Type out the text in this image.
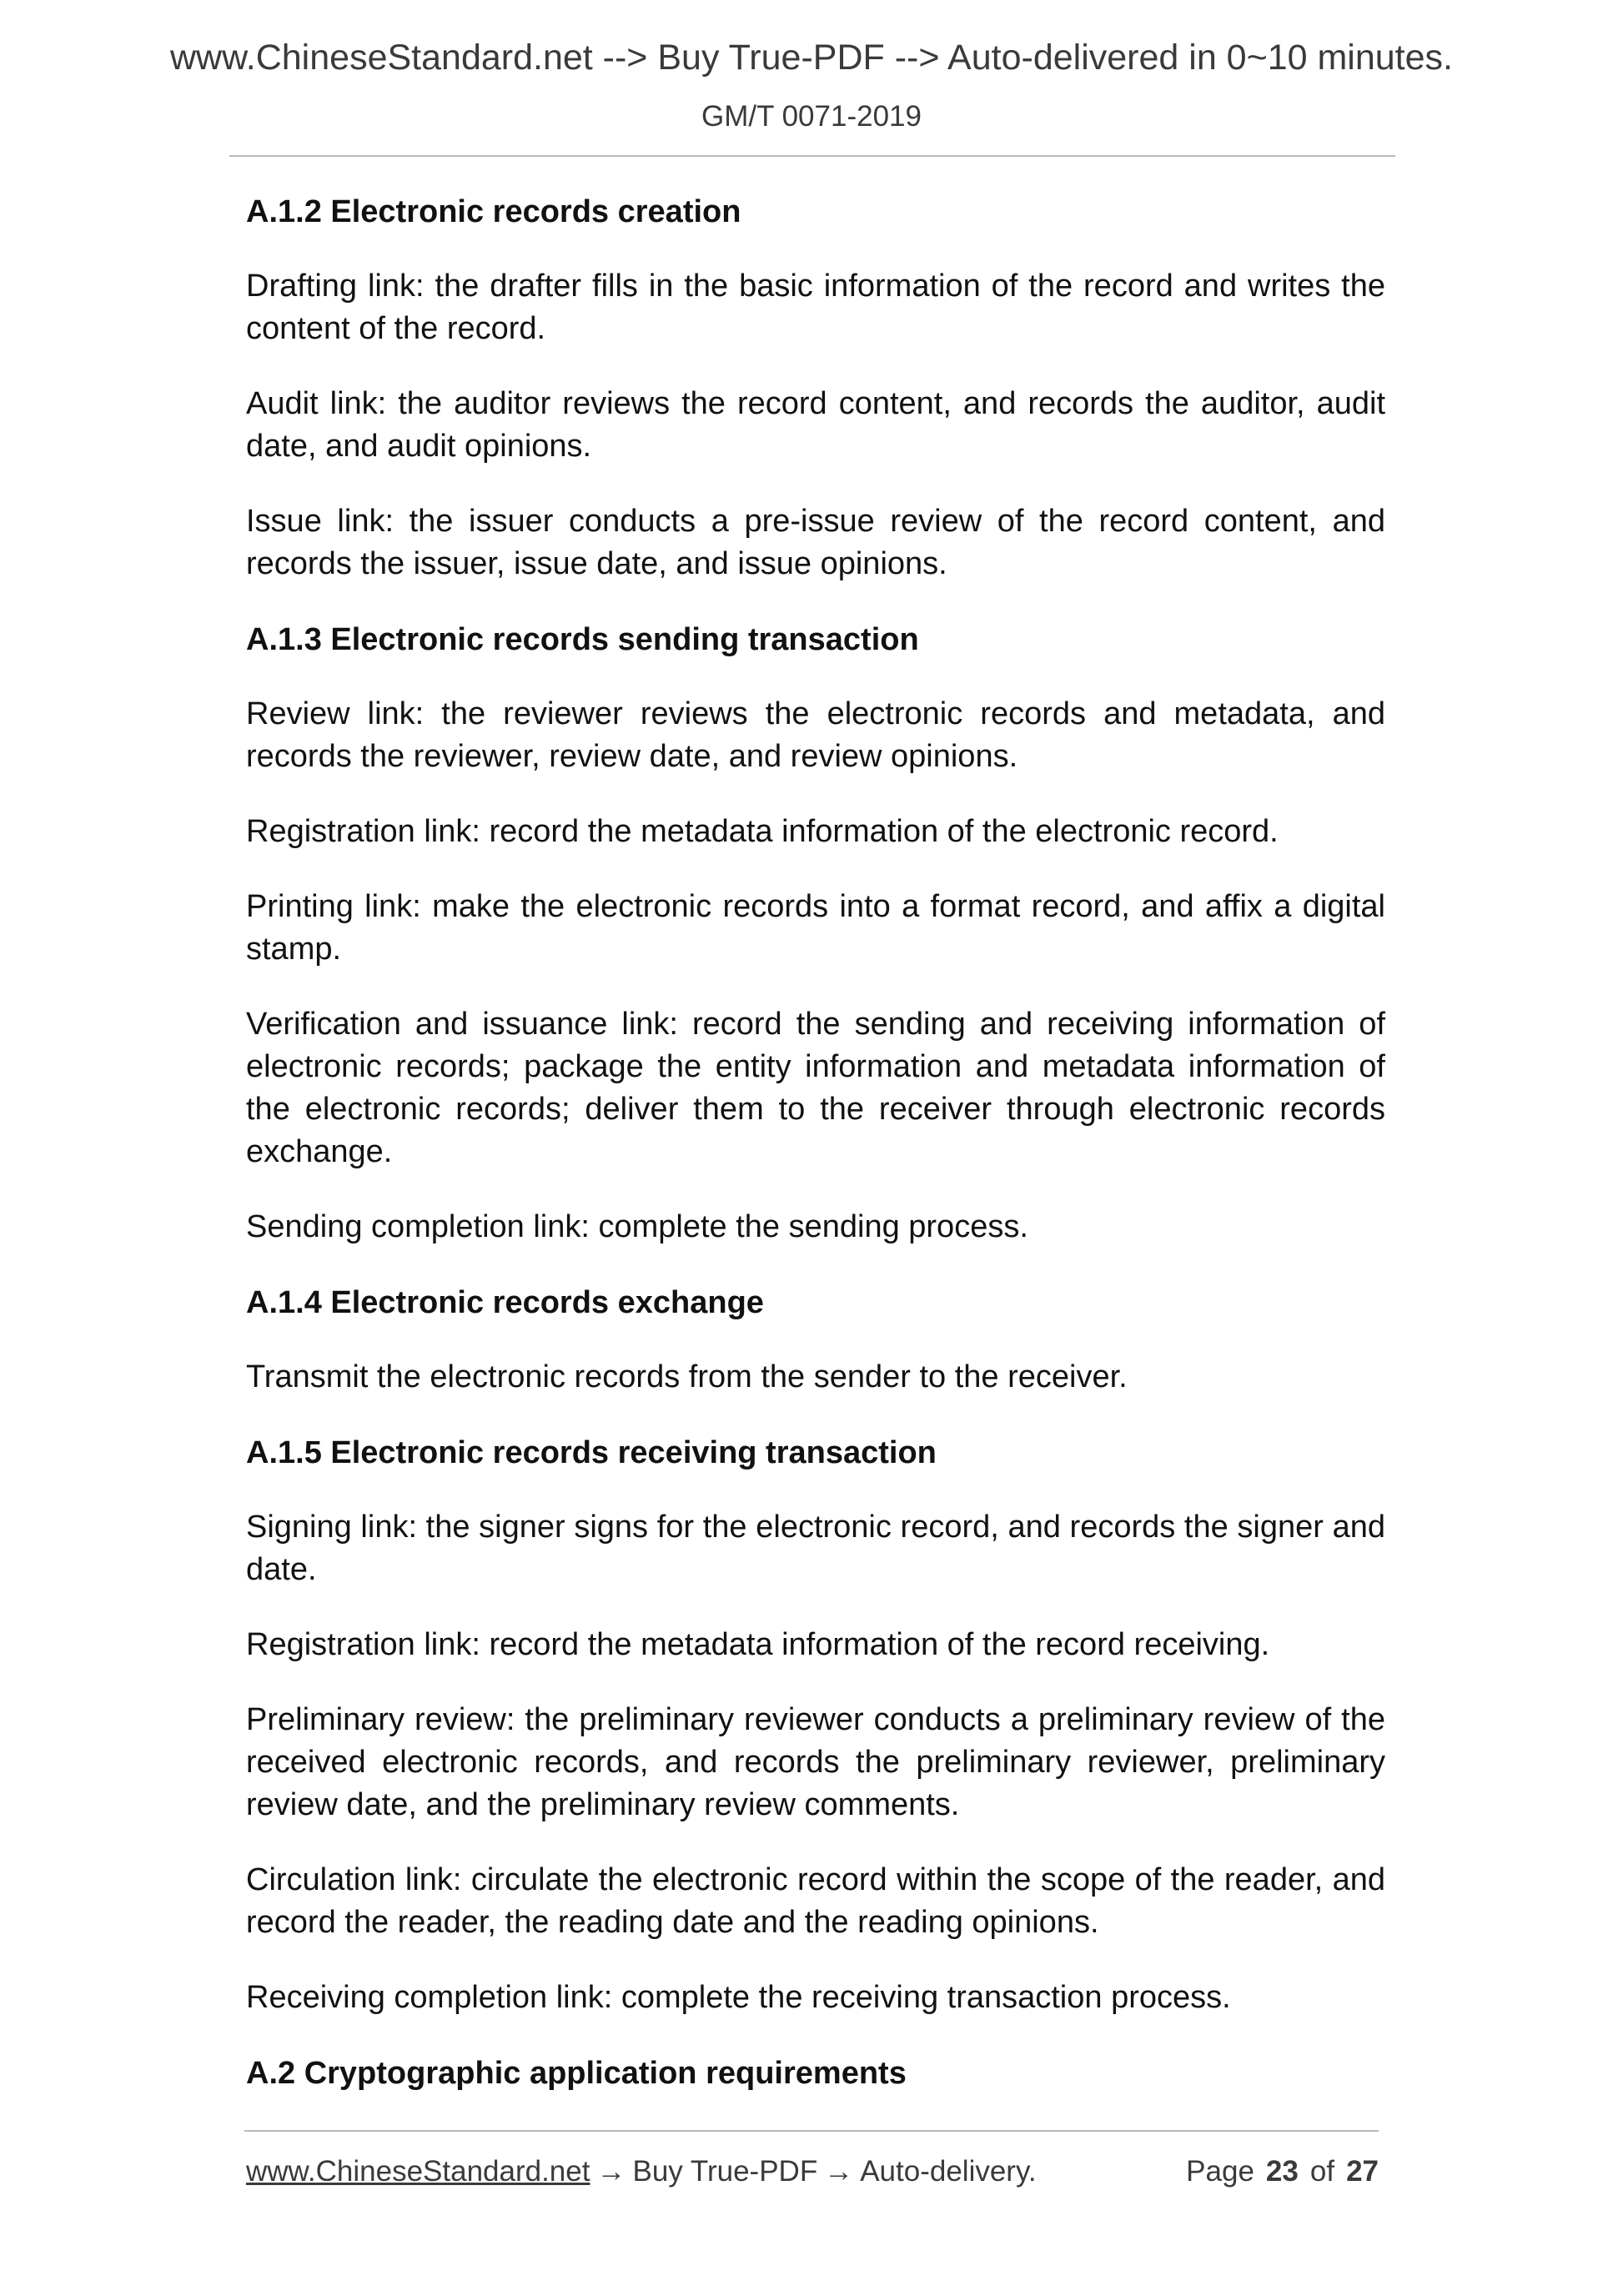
www.ChineseStandard.net --> Buy True-PDF --> Auto-delivered in 0~10 minutes.
GM/T 0071-2019
A.1.2 Electronic records creation
Drafting link: the drafter fills in the basic information of the record and writes the content of the record.
Audit link: the auditor reviews the record content, and records the auditor, audit date, and audit opinions.
Issue link: the issuer conducts a pre-issue review of the record content, and records the issuer, issue date, and issue opinions.
A.1.3 Electronic records sending transaction
Review link: the reviewer reviews the electronic records and metadata, and records the reviewer, review date, and review opinions.
Registration link: record the metadata information of the electronic record.
Printing link: make the electronic records into a format record, and affix a digital stamp.
Verification and issuance link: record the sending and receiving information of electronic records; package the entity information and metadata information of the electronic records; deliver them to the receiver through electronic records exchange.
Sending completion link: complete the sending process.
A.1.4 Electronic records exchange
Transmit the electronic records from the sender to the receiver.
A.1.5 Electronic records receiving transaction
Signing link: the signer signs for the electronic record, and records the signer and date.
Registration link: record the metadata information of the record receiving.
Preliminary review: the preliminary reviewer conducts a preliminary review of the received electronic records, and records the preliminary reviewer, preliminary review date, and the preliminary review comments.
Circulation link: circulate the electronic record within the scope of the reader, and record the reader, the reading date and the reading opinions.
Receiving completion link: complete the receiving transaction process.
A.2 Cryptographic application requirements
www.ChineseStandard.net → Buy True-PDF → Auto-delivery.	Page 23 of 27
